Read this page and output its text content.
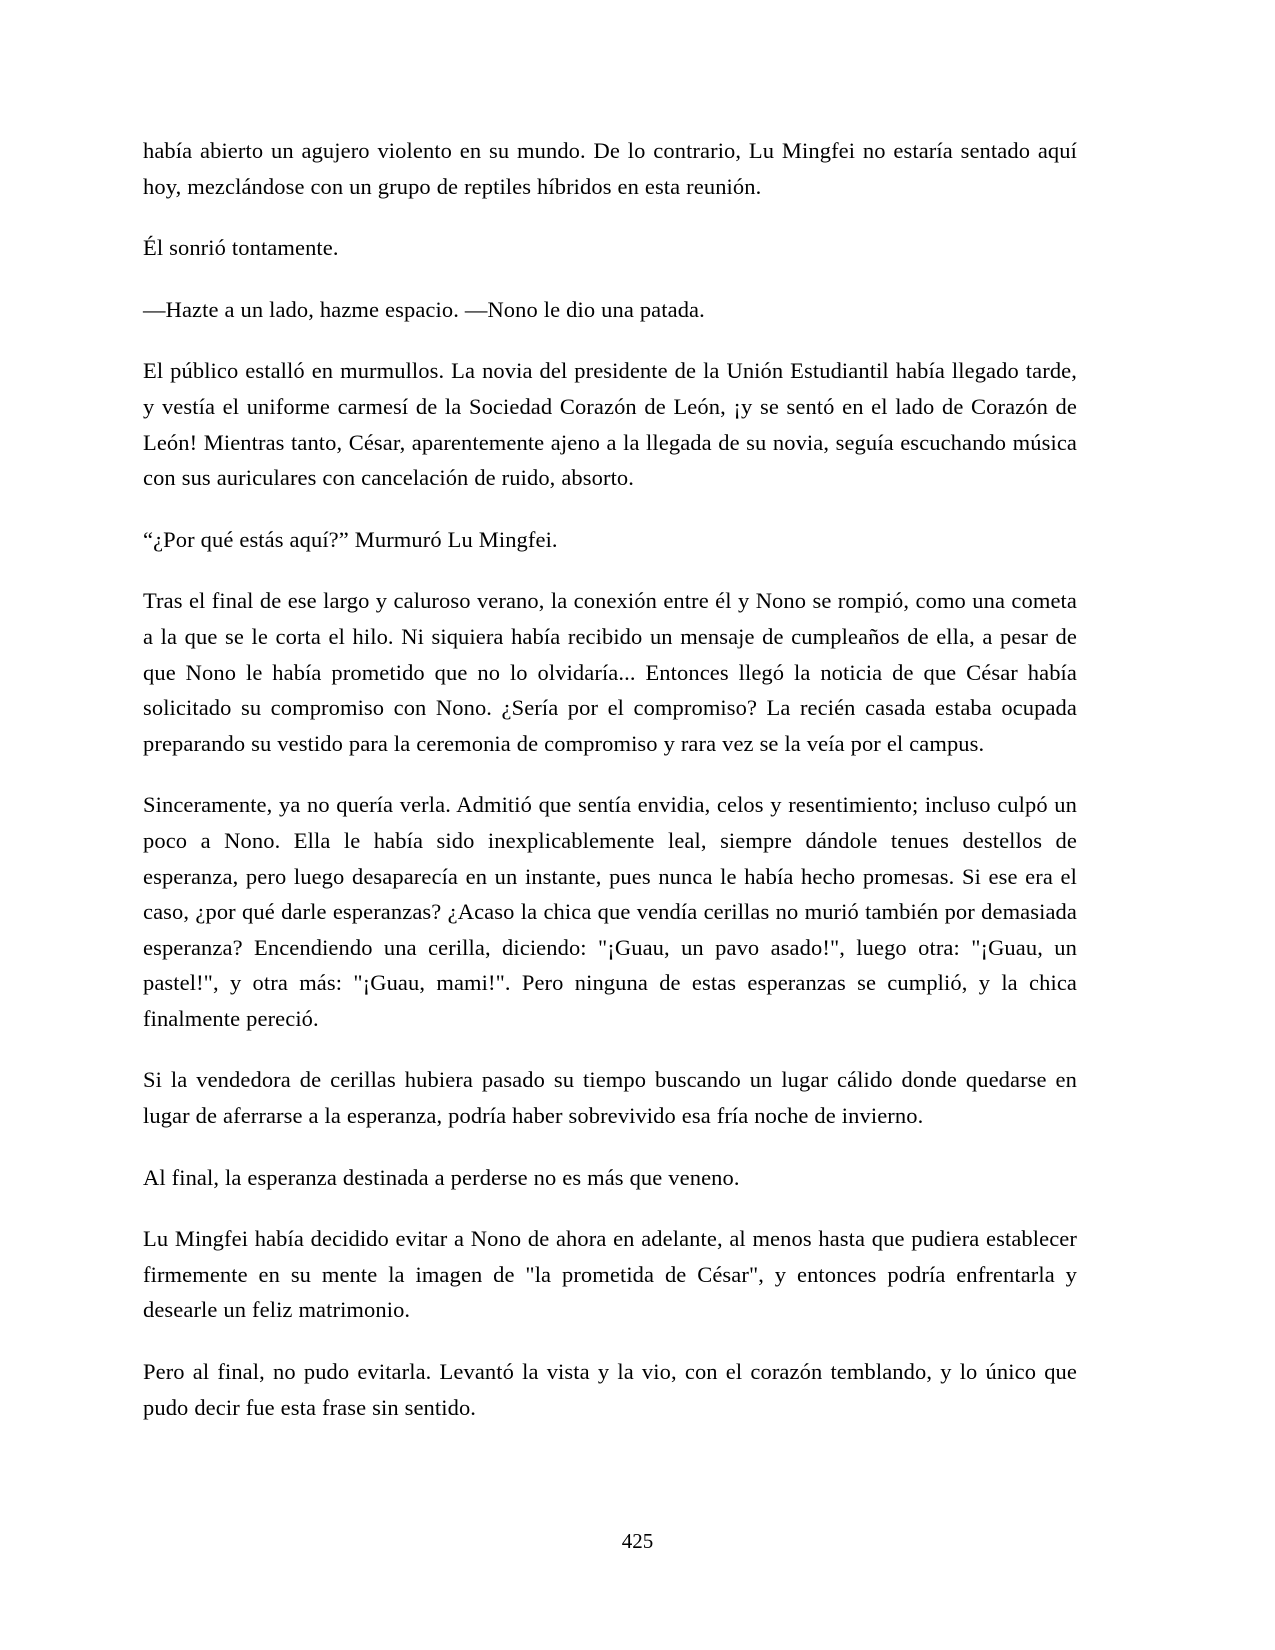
había abierto un agujero violento en su mundo. De lo contrario, Lu Mingfei no estaría sentado aquí hoy, mezclándose con un grupo de reptiles híbridos en esta reunión.

Él sonrió tontamente.

—Hazte a un lado, hazme espacio. —Nono le dio una patada.

El público estalló en murmullos. La novia del presidente de la Unión Estudiantil había llegado tarde, y vestía el uniforme carmesí de la Sociedad Corazón de León, ¡y se sentó en el lado de Corazón de León! Mientras tanto, César, aparentemente ajeno a la llegada de su novia, seguía escuchando música con sus auriculares con cancelación de ruido, absorto.

“¿Por qué estás aquí?” Murmuró Lu Mingfei.

Tras el final de ese largo y caluroso verano, la conexión entre él y Nono se rompió, como una cometa a la que se le corta el hilo. Ni siquiera había recibido un mensaje de cumpleaños de ella, a pesar de que Nono le había prometido que no lo olvidaría... Entonces llegó la noticia de que César había solicitado su compromiso con Nono. ¿Sería por el compromiso? La recién casada estaba ocupada preparando su vestido para la ceremonia de compromiso y rara vez se la veía por el campus.

Sinceramente, ya no quería verla. Admitió que sentía envidia, celos y resentimiento; incluso culpó un poco a Nono. Ella le había sido inexplicablemente leal, siempre dándole tenues destellos de esperanza, pero luego desaparecía en un instante, pues nunca le había hecho promesas. Si ese era el caso, ¿por qué darle esperanzas? ¿Acaso la chica que vendía cerillas no murió también por demasiada esperanza? Encendiendo una cerilla, diciendo: "¡Guau, un pavo asado!", luego otra: "¡Guau, un pastel!", y otra más: "¡Guau, mami!". Pero ninguna de estas esperanzas se cumplió, y la chica finalmente pereció.

Si la vendedora de cerillas hubiera pasado su tiempo buscando un lugar cálido donde quedarse en lugar de aferrarse a la esperanza, podría haber sobrevivido esa fría noche de invierno.

Al final, la esperanza destinada a perderse no es más que veneno.

Lu Mingfei había decidido evitar a Nono de ahora en adelante, al menos hasta que pudiera establecer firmemente en su mente la imagen de "la prometida de César", y entonces podría enfrentarla y desearle un feliz matrimonio.

Pero al final, no pudo evitarla. Levantó la vista y la vio, con el corazón temblando, y lo único que pudo decir fue esta frase sin sentido.

425
